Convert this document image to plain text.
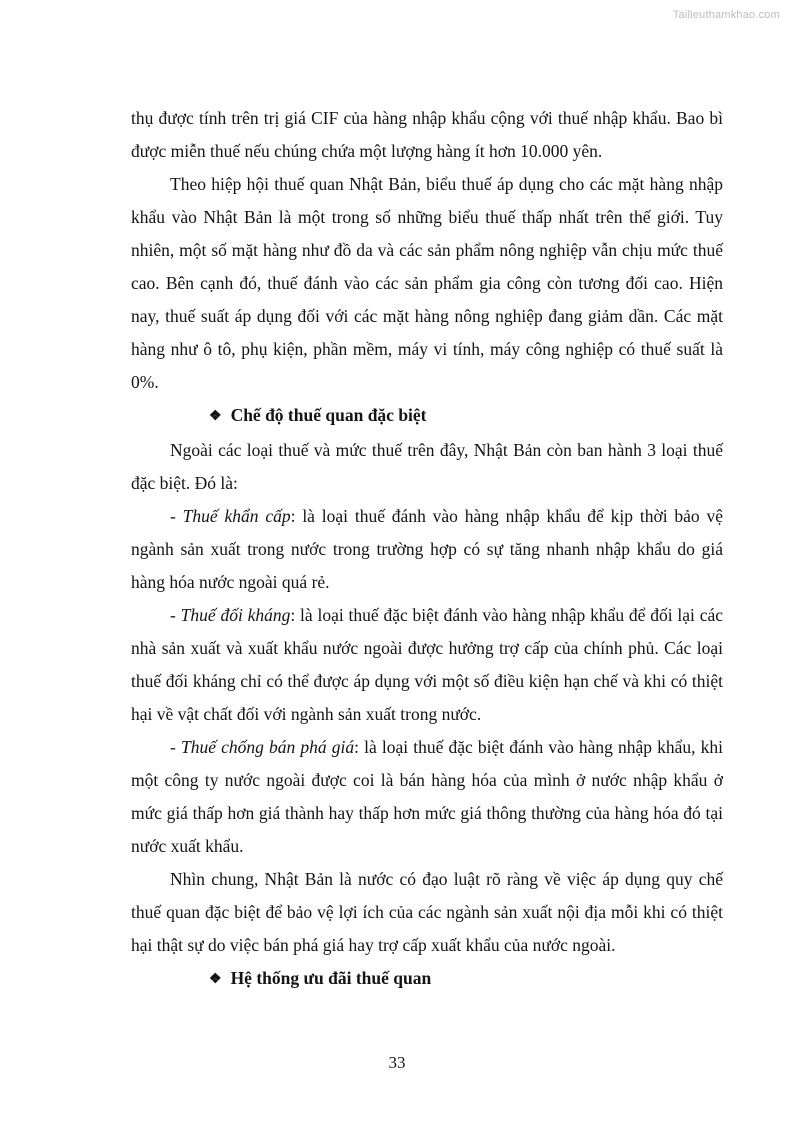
Tailieuthamkhao.com

thụ được tính trên trị giá CIF của hàng nhập khẩu cộng với thuế nhập khẩu. Bao bì được miễn thuế nếu chúng chứa một lượng hàng ít hơn 10.000 yên.

Theo hiệp hội thuế quan Nhật Bản, biểu thuế áp dụng cho các mặt hàng nhập khẩu vào Nhật Bản là một trong số những biểu thuế thấp nhất trên thế giới. Tuy nhiên, một số mặt hàng như đồ da và các sản phẩm nông nghiệp vẫn chịu mức thuế cao. Bên cạnh đó, thuế đánh vào các sản phẩm gia công còn tương đối cao. Hiện nay, thuế suất áp dụng đối với các mặt hàng nông nghiệp đang giảm dần. Các mặt hàng như ô tô, phụ kiện, phần mềm, máy vi tính, máy công nghiệp có thuế suất là 0%.

❖ Chế độ thuế quan đặc biệt

Ngoài các loại thuế và mức thuế trên đây, Nhật Bản còn ban hành 3 loại thuế đặc biệt. Đó là:

- Thuế khẩn cấp: là loại thuế đánh vào hàng nhập khẩu để kịp thời bảo vệ ngành sản xuất trong nước trong trường hợp có sự tăng nhanh nhập khẩu do giá hàng hóa nước ngoài quá rẻ.

- Thuế đối kháng: là loại thuế đặc biệt đánh vào hàng nhập khẩu để đối lại các nhà sản xuất và xuất khẩu nước ngoài được hưởng trợ cấp của chính phủ. Các loại thuế đối kháng chỉ có thể được áp dụng với một số điều kiện hạn chế và khi có thiệt hại về vật chất đối với ngành sản xuất trong nước.

- Thuế chống bán phá giá: là loại thuế đặc biệt đánh vào hàng nhập khẩu, khi một công ty nước ngoài được coi là bán hàng hóa của mình ở nước nhập khẩu ở mức giá thấp hơn giá thành hay thấp hơn mức giá thông thường của hàng hóa đó tại nước xuất khẩu.

Nhìn chung, Nhật Bản là nước có đạo luật rõ ràng về việc áp dụng quy chế thuế quan đặc biệt để bảo vệ lợi ích của các ngành sản xuất nội địa mỗi khi có thiệt hại thật sự do việc bán phá giá hay trợ cấp xuất khẩu của nước ngoài.

❖ Hệ thống ưu đãi thuế quan

33
